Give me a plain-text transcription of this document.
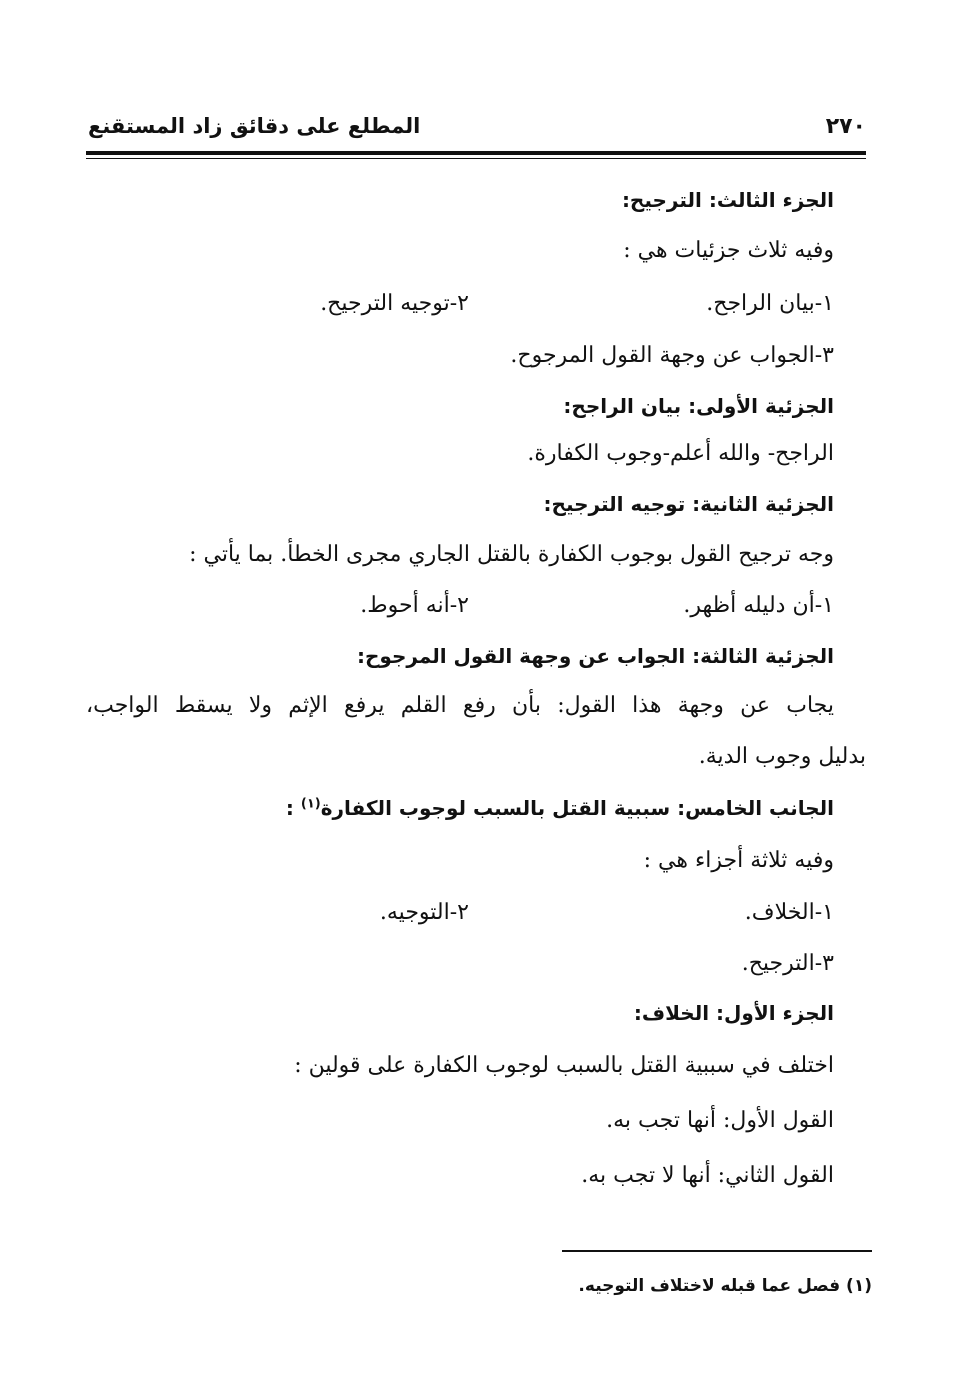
٢٧٠
المطلع على دقائق زاد المستقنع
الجزء الثالث: الترجيح:
وفيه ثلاث جزئيات هي :
١-بيان الراجح.
٢-توجيه الترجيح.
٣-الجواب عن وجهة القول المرجوح.
الجزئية الأولى: بيان الراجح:
الراجح- والله أعلم-وجوب الكفارة.
الجزئية الثانية: توجيه الترجيح:
وجه ترجيح القول بوجوب الكفارة بالقتل الجاري مجرى الخطأ. بما يأتي :
١-أن دليله أظهر.
٢-أنه أحوط.
الجزئية الثالثة: الجواب عن وجهة القول المرجوح:
يجاب عن وجهة هذا القول: بأن رفع القلم يرفع الإثم ولا يسقط الواجب،
بدليل وجوب الدية.
الجانب الخامس: سببية القتل بالسبب لوجوب الكفارة$^{(١)}$ :
وفيه ثلاثة أجزاء هي :
١-الخلاف.
٢-التوجيه.
٣-الترجيح.
الجزء الأول: الخلاف:
اختلف في سببية القتل بالسبب لوجوب الكفارة على قولين :
القول الأول: أنها تجب به.
القول الثاني: أنها لا تجب به.
(١) فصل عما قبله لاختلاف التوجيه.
